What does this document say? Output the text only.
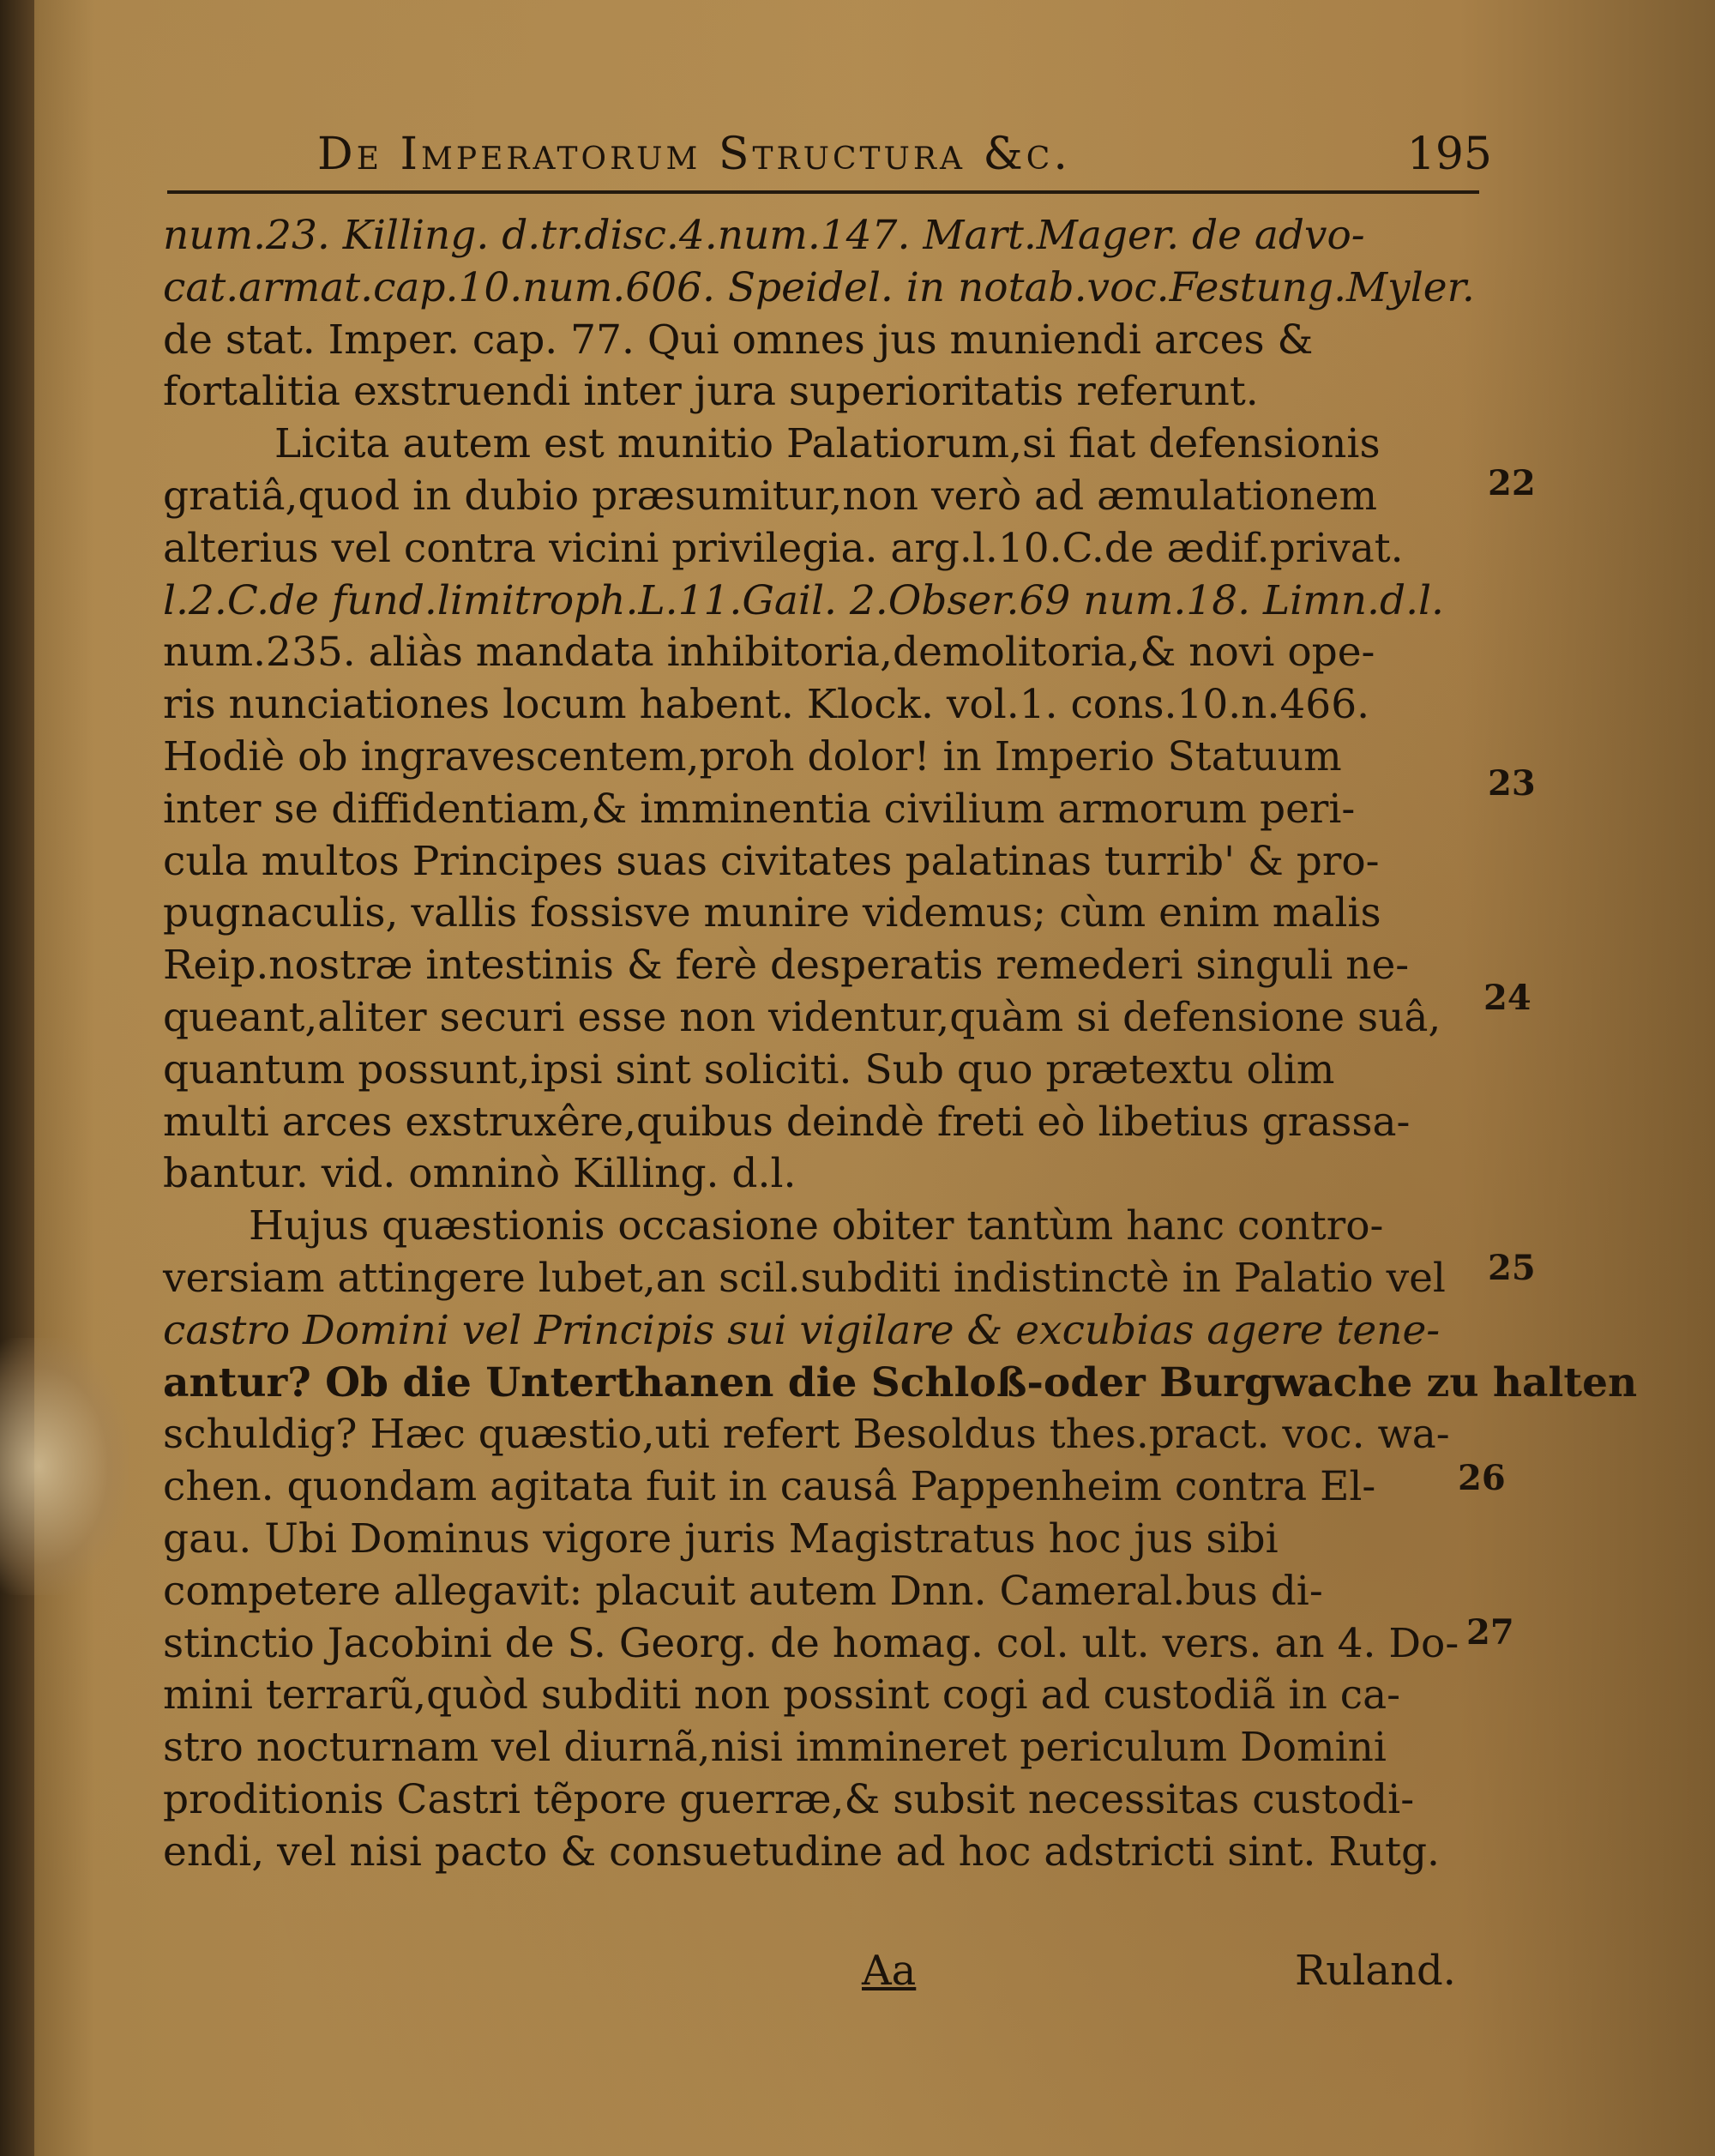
De Imperatorum Structura &c.	195
num.23. Killing. d.tr.disc.4.num.147. Mart.Mager. de advo-
cat.armat.cap.10.num.606. Speidel. in notab.voc.Festung.Myler.
de stat. Imper. cap. 77. Qui omnes jus muniendi arces &
fortalitia exstruendi inter jura superioritatis referunt.
Licita autem est munitio Palatiorum,si fiat defensionis
gratiâ,quod in dubio præsumitur,non verò ad æmulationem
alterius vel contra vicini privilegia. arg.l.10.C.de ædif.privat.
l.2.C.de fund.limitroph.L.11.Gail. 2.Obser.69 num.18. Limn.d.l.
num.235. aliàs mandata inhibitoria,demolitoria,& novi ope-
ris nunciationes locum habent. Klock. vol.1. cons.10.n.466.
Hodiè ob ingravescentem,proh dolor! in Imperio Statuum
inter se diffidentiam,& imminentia civilium armorum peri-
cula multos Principes suas civitates palatinas turrib' & pro-
pugnaculis, vallis fossisve munire videmus; cùm enim malis
Reip.nostræ intestinis & ferè desperatis remederi singuli ne-
queant,aliter securi esse non videntur,quàm si defensione suâ,
quantum possunt,ipsi sint soliciti. Sub quo prætextu olim
multi arces exstruxêre,quibus deindè freti eò libetius grassa-
bantur. vid. omninò Killing. d.l.
Hujus quæstionis occasione obiter tantùm hanc contro-
versiam attingere lubet,an scil.subditi indistinctè in Palatio vel
castro Domini vel Principis sui vigilare & excubias agere tene-
antur? Ob die Unterthanen die Schloß-oder Burgwache zu halten
schuldig? Hæc quæstio,uti refert Besoldus thes.pract. voc. wa-
chen. quondam agitata fuit in causâ Pappenheim contra El-
gau. Ubi Dominus vigore juris Magistratus hoc jus sibi
competere allegavit: placuit autem Dnn. Cameral.bus di-
stinctio Jacobini de S. Georg. de homag. col. ult. vers. an 4. Do-
mini terrarũ,quòd subditi non possint cogi ad custodiã in ca-
stro nocturnam vel diurnã,nisi immineret periculum Domini
proditionis Castri tẽpore guerræ,& subsit necessitas custodi-
endi, vel nisi pacto & consuetudine ad hoc adstricti sint. Rutg.
22
23
24
25
26
27
Aa	Ruland.
